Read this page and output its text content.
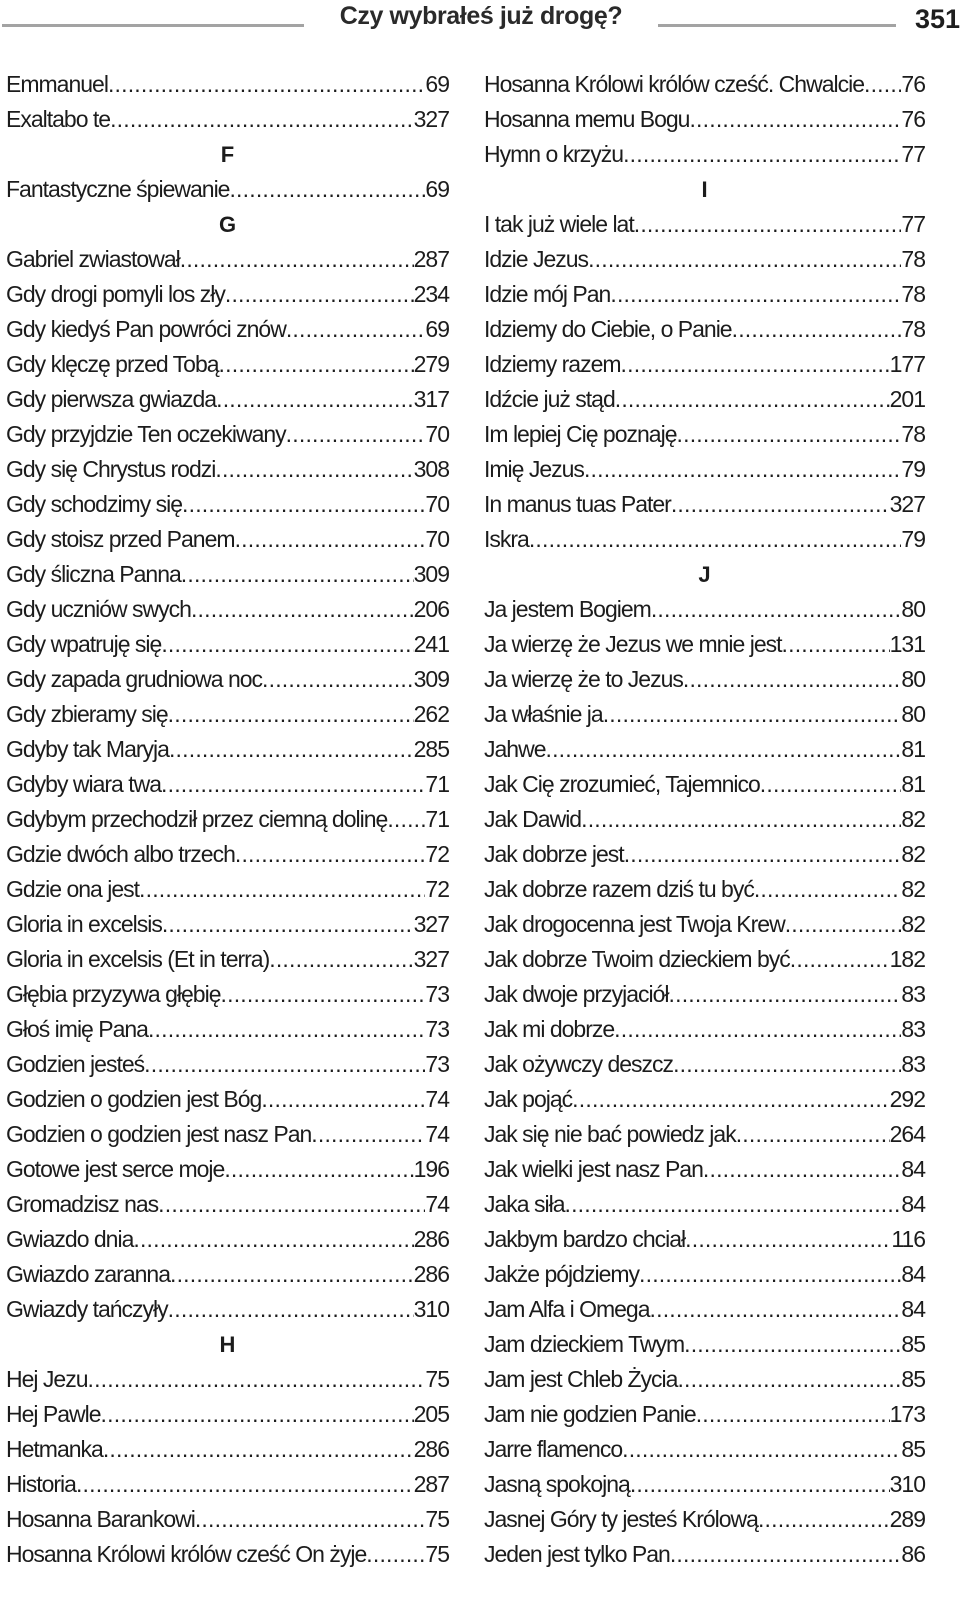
Czy wybrałeś już drogę?	351
Emmanuel .....	69
Exaltabo te .....	327
F
Fantastyczne śpiewanie .....	69
G
Gabriel zwiastował .....	287
Gdy drogi pomyli los zły .....	234
Gdy kiedyś Pan powróci znów .....	69
Gdy klęczę przed Tobą .....	279
Gdy pierwsza gwiazda .....	317
Gdy przyjdzie Ten oczekiwany .....	70
Gdy się Chrystus rodzi .....	308
Gdy schodzimy się .....	70
Gdy stoisz przed Panem .....	70
Gdy śliczna Panna .....	309
Gdy uczniów swych .....	206
Gdy wpatruję się .....	241
Gdy zapada grudniowa noc .....	309
Gdy zbieramy się .....	262
Gdyby tak Maryja .....	285
Gdyby wiara twa .....	71
Gdybym przechodził przez ciemną dolinę ..... 71
Gdzie dwóch albo trzech .....	72
Gdzie ona jest .....	72
Gloria in excelsis .....	327
Gloria in excelsis (Et in terra) .....	327
Głębia przyzywa głębię .....	73
Głoś imię Pana .....	73
Godzien jesteś .....	73
Godzien o godzien jest Bóg .....	74
Godzien o godzien jest nasz Pan .....	74
Gotowe jest serce moje .....	196
Gromadzisz nas .....	74
Gwiazdo dnia .....	286
Gwiazdo zaranna .....	286
Gwiazdy tańczyły .....	310
H
Hej Jezu .....	75
Hej Pawle .....	205
Hetmanka .....	286
Historia .....	287
Hosanna Barankowi .....	75
Hosanna Królowi królów cześć On żyje .....	75
Hosanna Królowi królów cześć. Chwalcie ..... 76
Hosanna memu Bogu .....	76
Hymn o krzyżu .....	77
I
I tak już wiele lat .....	77
Idzie Jezus .....	78
Idzie mój Pan .....	78
Idziemy do Ciebie, o Panie .....	78
Idziemy razem .....	177
Idźcie już stąd .....	201
Im lepiej Cię poznaję .....	78
Imię Jezus .....	79
In manus tuas Pater .....	327
Iskra .....	79
J
Ja jestem Bogiem .....	80
Ja wierzę że Jezus we mnie jest .....	131
Ja wierzę że to Jezus .....	80
Ja właśnie ja .....	80
Jahwe .....	81
Jak Cię zrozumieć, Tajemnico .....	81
Jak Dawid .....	82
Jak dobrze jest .....	82
Jak dobrze razem dziś tu być .....	82
Jak drogocenna jest Twoja Krew .....	82
Jak dobrze Twoim dzieckiem być .....	182
Jak dwoje przyjaciół .....	83
Jak mi dobrze .....	83
Jak ożywczy deszcz .....	83
Jak pojąć .....	292
Jak się nie bać powiedz jak .....	264
Jak wielki jest nasz Pan .....	84
Jaka siła .....	84
Jakbym bardzo chciał .....	116
Jakże pójdziemy .....	84
Jam Alfa i Omega .....	84
Jam dzieckiem Twym .....	85
Jam jest Chleb Życia .....	85
Jam nie godzien Panie .....	173
Jarre flamenco .....	85
Jasną spokojną .....	310
Jasnej Góry ty jesteś Królową .....	289
Jeden jest tylko Pan .....	86
